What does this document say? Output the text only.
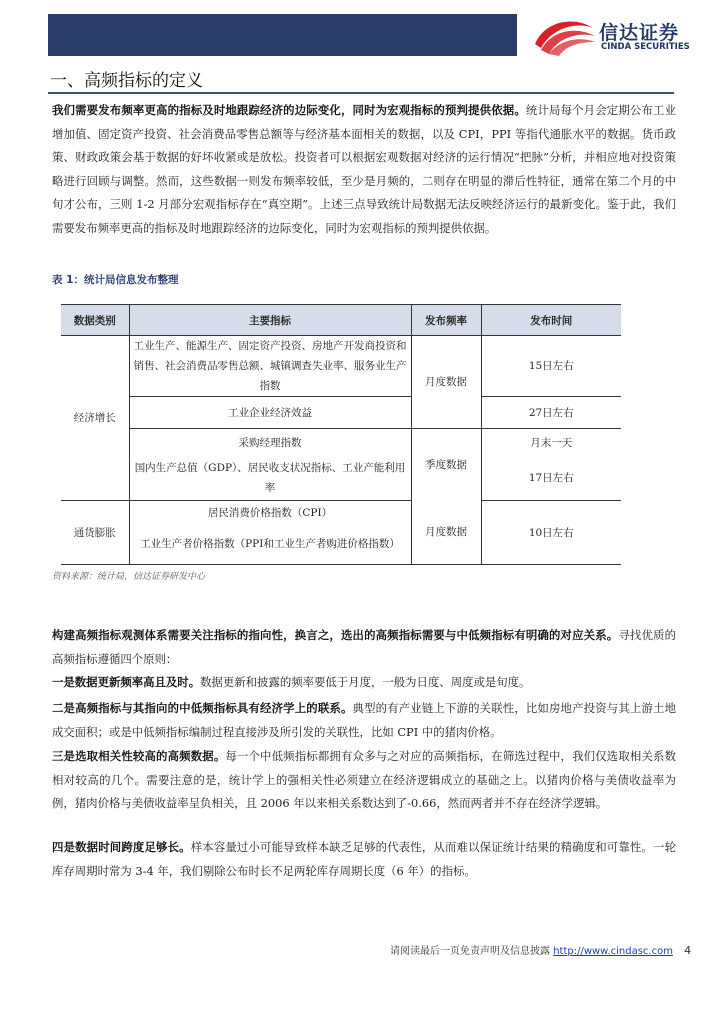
信达证券
CINDA SECURITIES
一、高频指标的定义

我们需要发布频率更高的指标及时地跟踪经济的边际变化，同时为宏观指标的预判提供依据。统计局每个月会定期公布工业增加值、固定资产投资、社会消费品零售总额等与经济基本面相关的数据，以及 CPI，PPI 等指代通胀水平的数据。货币政策、财政政策会基于数据的好坏收紧或是放松。投资者可以根据宏观数据对经济的运行情况“把脉”分析，并相应地对投资策略进行回顾与调整。然而，这些数据一则发布频率较低，至少是月频的，二则存在明显的滞后性特征，通常在第二个月的中旬才公布，三则 1-2 月部分宏观指标存在“真空期”。上述三点导致统计局数据无法反映经济运行的最新变化。鉴于此，我们需要发布频率更高的指标及时地跟踪经济的边际变化，同时为宏观指标的预判提供依据。

表 1：统计局信息发布整理
数据类别	主要指标	发布频率	发布时间
经济增长	工业生产、能源生产、固定资产投资、房地产开发商投资和销售、社会消费品零售总额、城镇调查失业率、服务业生产指数	月度数据	15日左右
	工业企业经济效益		27日左右
	采购经理指数	季度数据	月末一天
	国内生产总值（GDP）、居民收支状况指标、工业产能利用率		17日左右
通货膨胀	居民消费价格指数（CPI）	月度数据	10日左右
	工业生产者价格指数（PPI和工业生产者购进价格指数）		
资料来源：统计局，信达证券研发中心

构建高频指标观测体系需要关注指标的指向性，换言之，选出的高频指标需要与中低频指标有明确的对应关系。寻找优质的高频指标遵循四个原则：

一是数据更新频率高且及时。数据更新和披露的频率要低于月度，一般为日度、周度或是旬度。

二是高频指标与其指向的中低频指标具有经济学上的联系。典型的有产业链上下游的关联性，比如房地产投资与其上游土地成交面积；或是中低频指标编制过程直接涉及所引发的关联性，比如 CPI 中的猪肉价格。

三是选取相关性较高的高频数据。每一个中低频指标都拥有众多与之对应的高频指标，在筛选过程中，我们仅选取相关系数相对较高的几个。需要注意的是，统计学上的强相关性必须建立在经济逻辑成立的基础之上。以猪肉价格与美债收益率为例，猪肉价格与美债收益率呈负相关，且 2006 年以来相关系数达到了-0.66，然而两者并不存在经济学逻辑。

四是数据时间跨度足够长。样本容量过小可能导致样本缺乏足够的代表性，从而难以保证统计结果的精确度和可靠性。一轮库存周期时常为 3-4 年，我们剔除公布时长不足两轮库存周期长度（6 年）的指标。

请阅读最后一页免责声明及信息披露 http://www.cindasc.com 4
